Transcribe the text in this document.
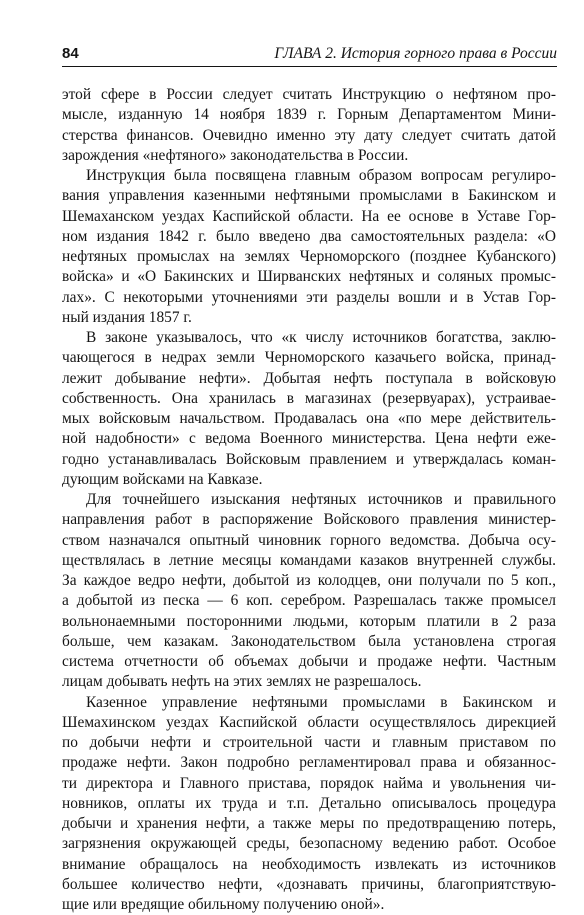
84	ГЛАВА 2. История горного права в России
этой сфере в России следует считать Инструкцию о нефтяном про-
мысле, изданную 14 ноября 1839 г. Горным Департаментом Мини-
стерства финансов. Очевидно именно эту дату следует считать датой
зарождения «нефтяного» законодательства в России.
Инструкция была посвящена главным образом вопросам регулиро-
вания управления казенными нефтяными промыслами в Бакинском и
Шемаханском уездах Каспийской области. На ее основе в Уставе Гор-
ном издания 1842 г. было введено два самостоятельных раздела: «О
нефтяных промыслах на землях Черноморского (позднее Кубанского)
войска» и «О Бакинских и Ширванских нефтяных и соляных промыс-
лах». С некоторыми уточнениями эти разделы вошли и в Устав Гор-
ный издания 1857 г.
В законе указывалось, что «к числу источников богатства, заклю-
чающегося в недрах земли Черноморского казачьего войска, принад-
лежит добывание нефти». Добытая нефть поступала в войсковую
собственность. Она хранилась в магазинах (резервуарах), устраивае-
мых войсковым начальством. Продавалась она «по мере действитель-
ной надобности» с ведома Военного министерства. Цена нефти еже-
годно устанавливалась Войсковым правлением и утверждалась коман-
дующим войсками на Кавказе.
Для точнейшего изыскания нефтяных источников и правильного
направления работ в распоряжение Войскового правления министер-
ством назначался опытный чиновник горного ведомства. Добыча осу-
ществлялась в летние месяцы командами казаков внутренней службы.
За каждое ведро нефти, добытой из колодцев, они получали по 5 коп.,
а добытой из песка — 6 коп. серебром. Разрешалась также промысел
вольнонаемными посторонними людьми, которым платили в 2 раза
больше, чем казакам. Законодательством была установлена строгая
система отчетности об объемах добычи и продаже нефти. Частным
лицам добывать нефть на этих землях не разрешалось.
Казенное управление нефтяными промыслами в Бакинском и
Шемахинском уездах Каспийской области осуществлялось дирекцией
по добычи нефти и строительной части и главным приставом по
продаже нефти. Закон подробно регламентировал права и обязаннос-
ти директора и Главного пристава, порядок найма и увольнения чи-
новников, оплаты их труда и т.п. Детально описывалось процедура
добычи и хранения нефти, а также меры по предотвращению потерь,
загрязнения окружающей среды, безопасному ведению работ. Особое
внимание обращалось на необходимость извлекать из источников
большее количество нефти, «дознавать причины, благоприятствую-
щие или вредящие обильному получению оной».
